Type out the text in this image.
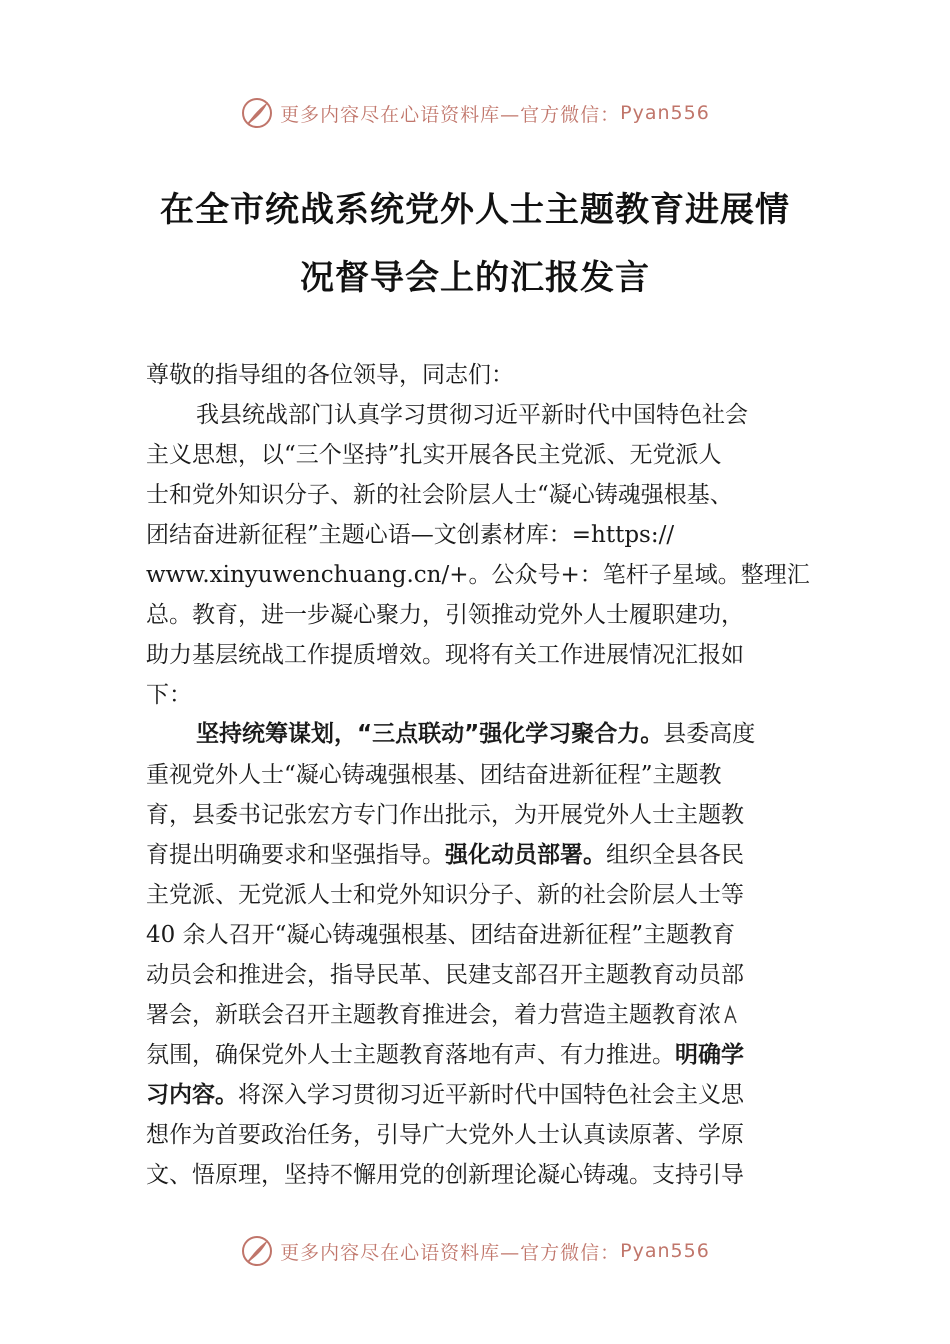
更多内容尽在心语资料库—官方微信： Pyan556
在全市统战系统党外人士主题教育进展情
况督导会上的汇报发言
尊敬的指导组的各位领导，同志们：
我县统战部门认真学习贯彻习近平新时代中国特色社会
主义思想，以“三个坚持”扎实开展各民主党派、无党派人
士和党外知识分子、新的社会阶层人士“凝心铸魂强根基、
团结奋进新征程”主题心语—文创素材库：=https://
www.xinyuwenchuang.cn/+。公众号+：笔杆子星域。整理汇
总。教育，进一步凝心聚力，引领推动党外人士履职建功，
助力基层统战工作提质增效。现将有关工作进展情况汇报如
下：
坚持统筹谋划，“三点联动”强化学习聚合力。县委高度
重视党外人士“凝心铸魂强根基、团结奋进新征程”主题教
育，县委书记张宏方专门作出批示，为开展党外人士主题教
育提出明确要求和坚强指导。强化动员部署。组织全县各民
主党派、无党派人士和党外知识分子、新的社会阶层人士等
40 余人召开“凝心铸魂强根基、团结奋进新征程”主题教育
动员会和推进会，指导民革、民建支部召开主题教育动员部
署会，新联会召开主题教育推进会，着力营造主题教育浓
氛围，确保党外人士主题教育落地有声、有力推进。明确学
习内容。将深入学习贯彻习近平新时代中国特色社会主义思
想作为首要政治任务，引导广大党外人士认真读原著、学原
文、悟原理，坚持不懈用党的创新理论凝心铸魂。支持引导
更多内容尽在心语资料库—官方微信： Pyan556
